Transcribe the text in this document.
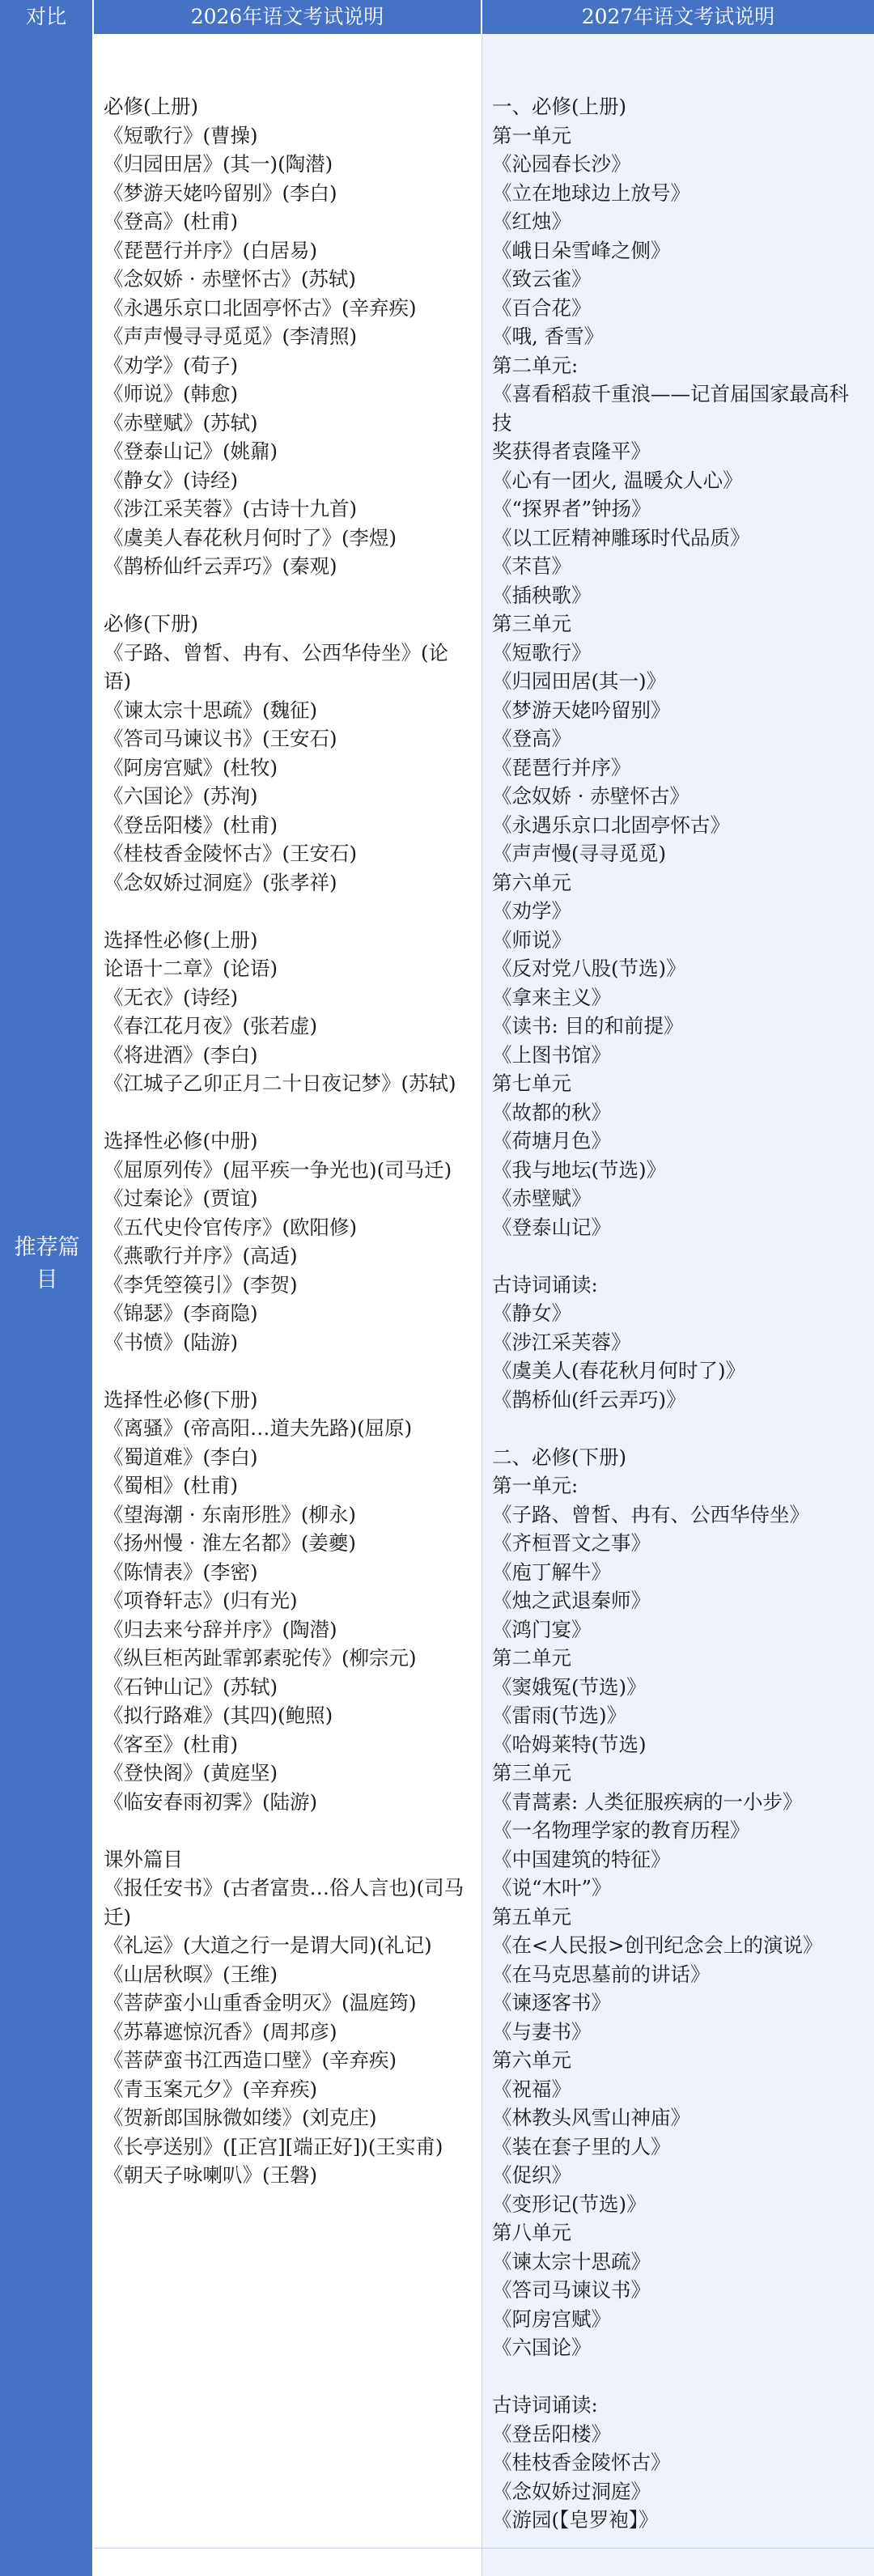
对比	2026年语文考试说明	2027年语文考试说明
推荐篇目
必修(上册)
《短歌行》(曹操)
《归园田居》(其一)(陶潜)
《梦游天姥吟留别》(李白)
《登高》(杜甫)
《琵琶行并序》(白居易)
《念奴娇 · 赤壁怀古》(苏轼)
《永遇乐京口北固亭怀古》(辛弃疾)
《声声慢寻寻觅觅》(李清照)
《劝学》(荀子)
《师说》(韩愈)
《赤壁赋》(苏轼)
《登泰山记》(姚鼐)
《静女》(诗经)
《涉江采芙蓉》(古诗十九首)
《虞美人春花秋月何时了》(李煜)
《鹊桥仙纤云弄巧》(秦观)
必修(下册)
《子路、曾皙、冉有、公西华侍坐》(论语)
《谏太宗十思疏》(魏征)
《答司马谏议书》(王安石)
《阿房宫赋》(杜牧)
《六国论》(苏洵)
《登岳阳楼》(杜甫)
《桂枝香金陵怀古》(王安石)
《念奴娇过洞庭》(张孝祥)
选择性必修(上册)
论语十二章》(论语)
《无衣》(诗经)
《春江花月夜》(张若虚)
《将进酒》(李白)
《江城子乙卯正月二十日夜记梦》(苏轼)
选择性必修(中册)
《屈原列传》(屈平疾一争光也)(司马迁)
《过秦论》(贾谊)
《五代史伶官传序》(欧阳修)
《燕歌行并序》(高适)
《李凭箜篌引》(李贺)
《锦瑟》(李商隐)
《书愤》(陆游)
选择性必修(下册)
《离骚》(帝高阳…道夫先路)(屈原)
《蜀道难》(李白)
《蜀相》(杜甫)
《望海潮 · 东南形胜》(柳永)
《扬州慢 · 淮左名都》(姜夔)
《陈情表》(李密)
《项脊轩志》(归有光)
《归去来兮辞并序》(陶潜)
《纵巨柜芮趾霏郭素驼传》(柳宗元)
《石钟山记》(苏轼)
《拟行路难》(其四)(鲍照)
《客至》(杜甫)
《登快阁》(黄庭坚)
《临安春雨初霁》(陆游)
课外篇目
《报任安书》(古者富贵…俗人言也)(司马
迁)
《礼运》(大道之行一是谓大同)(礼记)
《山居秋暝》(王维)
《菩萨蛮小山重香金明灭》(温庭筠)
《苏幕遮惊沉香》(周邦彦)
《菩萨蛮书江西造口壁》(辛弃疾)
《青玉案元夕》(辛弃疾)
《贺新郎国脉微如缕》(刘克庄)
《长亭送别》([正宫][端正好])(王实甫)
《朝天子咏喇叭》(王磐)
一、必修(上册)
第一单元
《沁园春长沙》
《立在地球边上放号》
《红烛》
《峨日朵雪峰之侧》
《致云雀》
《百合花》
《哦, 香雪》
第二单元:
《喜看稻菽千重浪——记首届国家最高科技
奖获得者袁隆平》
《心有一团火, 温暖众人心》
《“探界者”钟扬》
《以工匠精神雕琢时代品质》
《芣苢》
《插秧歌》
第三单元
《短歌行》
《归园田居(其一)》
《梦游天姥吟留别》
《登高》
《琵琶行并序》
《念奴娇 · 赤壁怀古》
《永遇乐京口北固亭怀古》
《声声慢(寻寻觅觅)
第六单元
《劝学》
《师说》
《反对党八股(节选)》
《拿来主义》
《读书: 目的和前提》
《上图书馆》
第七单元
《故都的秋》
《荷塘月色》
《我与地坛(节选)》
《赤壁赋》
《登泰山记》
古诗词诵读:
《静女》
《涉江采芙蓉》
《虞美人(春花秋月何时了)》
《鹊桥仙(纤云弄巧)》
二、必修(下册)
第一单元:
《子路、曾皙、冉有、公西华侍坐》
《齐桓晋文之事》
《庖丁解牛》
《烛之武退秦师》
《鸿门宴》
第二单元
《窦娥冤(节选)》
《雷雨(节选)》
《哈姆莱特(节选)
第三单元
《青蒿素: 人类征服疾病的一小步》
《一名物理学家的教育历程》
《中国建筑的特征》
《说“木叶”》
第五单元
《在<人民报>创刊纪念会上的演说》
《在马克思墓前的讲话》
《谏逐客书》
《与妻书》
第六单元
《祝福》
《林教头风雪山神庙》
《装在套子里的人》
《促织》
《变形记(节选)》
第八单元
《谏太宗十思疏》
《答司马谏议书》
《阿房宫赋》
《六国论》
古诗词诵读:
《登岳阳楼》
《桂枝香金陵怀古》
《念奴娇过洞庭》
《游园(【皂罗袍】》
